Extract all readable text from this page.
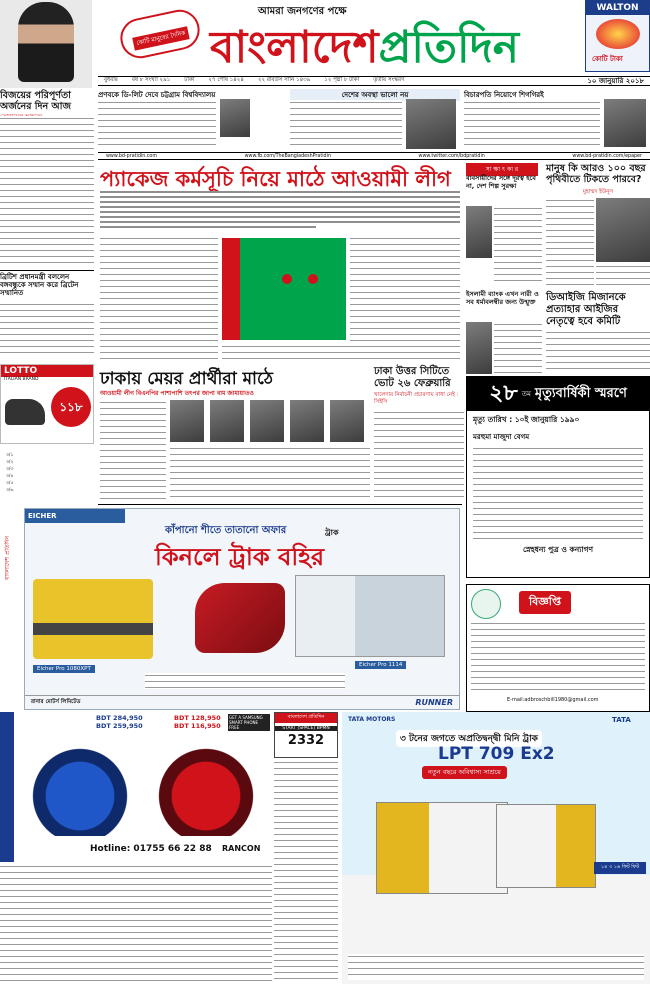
বিজয়ের পরিপূর্ণতা অর্জনের দিন আজ
আমরা জনগণের পক্ষে
কোটি মানুষের দৈনিক বাংলাদেশপ্রতিদিন
WALTON
কোটি টাকা
বুধবার	বর্ষ ৮ সংখ্যা ২৯১	ঢাকা	২৭ পৌষ ১৪২৪	২২ রবিউস সানি ১৪৩৯	১২ পৃষ্ঠা ৮ টাকা	তৃতীয় সংস্করণ	১০ জানুয়ারি ২০১৮
প্রণবকে ডি-লিট দেবে চট্টগ্রাম বিশ্ববিদ্যালয়	দেশের অবস্থা ভালো নয়	বিচারপতি নিয়োগে শিগগিরই
www.bd-pratidin.com	www.fb.com/TheBangladeshPratidin	www.twitter.com/bdpratidin	www.bd-pratidin.com/epaper
ব্রিটিশ প্রধানমন্ত্রী বললেন বঙ্গবন্ধুকে সম্মান করে ব্রিটেন সম্মানিত
LOTTO
ITALIAN BRAND
১১৮
৩/১
৩/২
৩/৩
৩/৪
৩/৫
৩/৬
বাংলাদেশ প্রতিদিন
প্যাকেজ কর্মসূচি নিয়ে মাঠে আওয়ামী লীগ
ঢাকায় মেয়র প্রার্থীরা মাঠে
আওয়ামী লীগ বিএনপির পাশাপাশি তৎপর জাপা বাম জামায়াতও
ঢাকা উত্তর সিটিতে ভোট ২৬ ফেব্রুয়ারি
খালেদার নির্বাচনী প্রচারণায় বাধা নেই : সিইসি
সা ক্ষা ৎ কা র
ব্যবসায়ীদের সঙ্গে দূরত্ব হবে না, দেশ শিল্প সুরক্ষা
ইসলামী ব্যাংক এখন নারী ও সব ধর্মাবলম্বীর জন্য উন্মুক্ত
মানুষ কি আরও ১০০ বছর পৃথিবীতে টিকতে পারবে?
মুহাম্মদ ইউনূস
ডিআইজি মিজানকে প্রত্যাহার আইজির নেতৃত্বে হবে কমিটি
২৮ তম মৃত্যুবার্ষিকী স্মরণে
মৃত্যু তারিখ : ১০ই জানুয়ারি ১৯৯০
মরহুমা মাজুদা বেগম
স্নেহধন্য পুত্র ও কন্যাগণ
EICHER
কাঁপানো শীতে তাতানো অফার
কিনলে ট্রাক বহির
ট্রাক
Eicher Pro 1080XPT
Eicher Pro 1114
রানার মোটর্স লিমিটেড	RUNNER
বিজ্ঞপ্তি
E-mail:adbroschbill1980@gmail.com
BDT 284,950
BDT 259,950
BDT 128,950
BDT 116,950
GET A SAMSUNG SMART PHONE FREE
Hotline: 01755 66 22 88 RANCON
বাংলাদেশ প্রতিদিন
START (SPACE) BPMN
2332
TATA MOTORS	TATA
৩ টনের জগতে অপ্রতিদ্বন্দ্বী মিনি ট্রাক
LPT 709 Ex2
নতুন বছরে অবিশ্বাস্য সাশ্রয়ে
১৪ ৩ ১৬ ফিট ফিট
